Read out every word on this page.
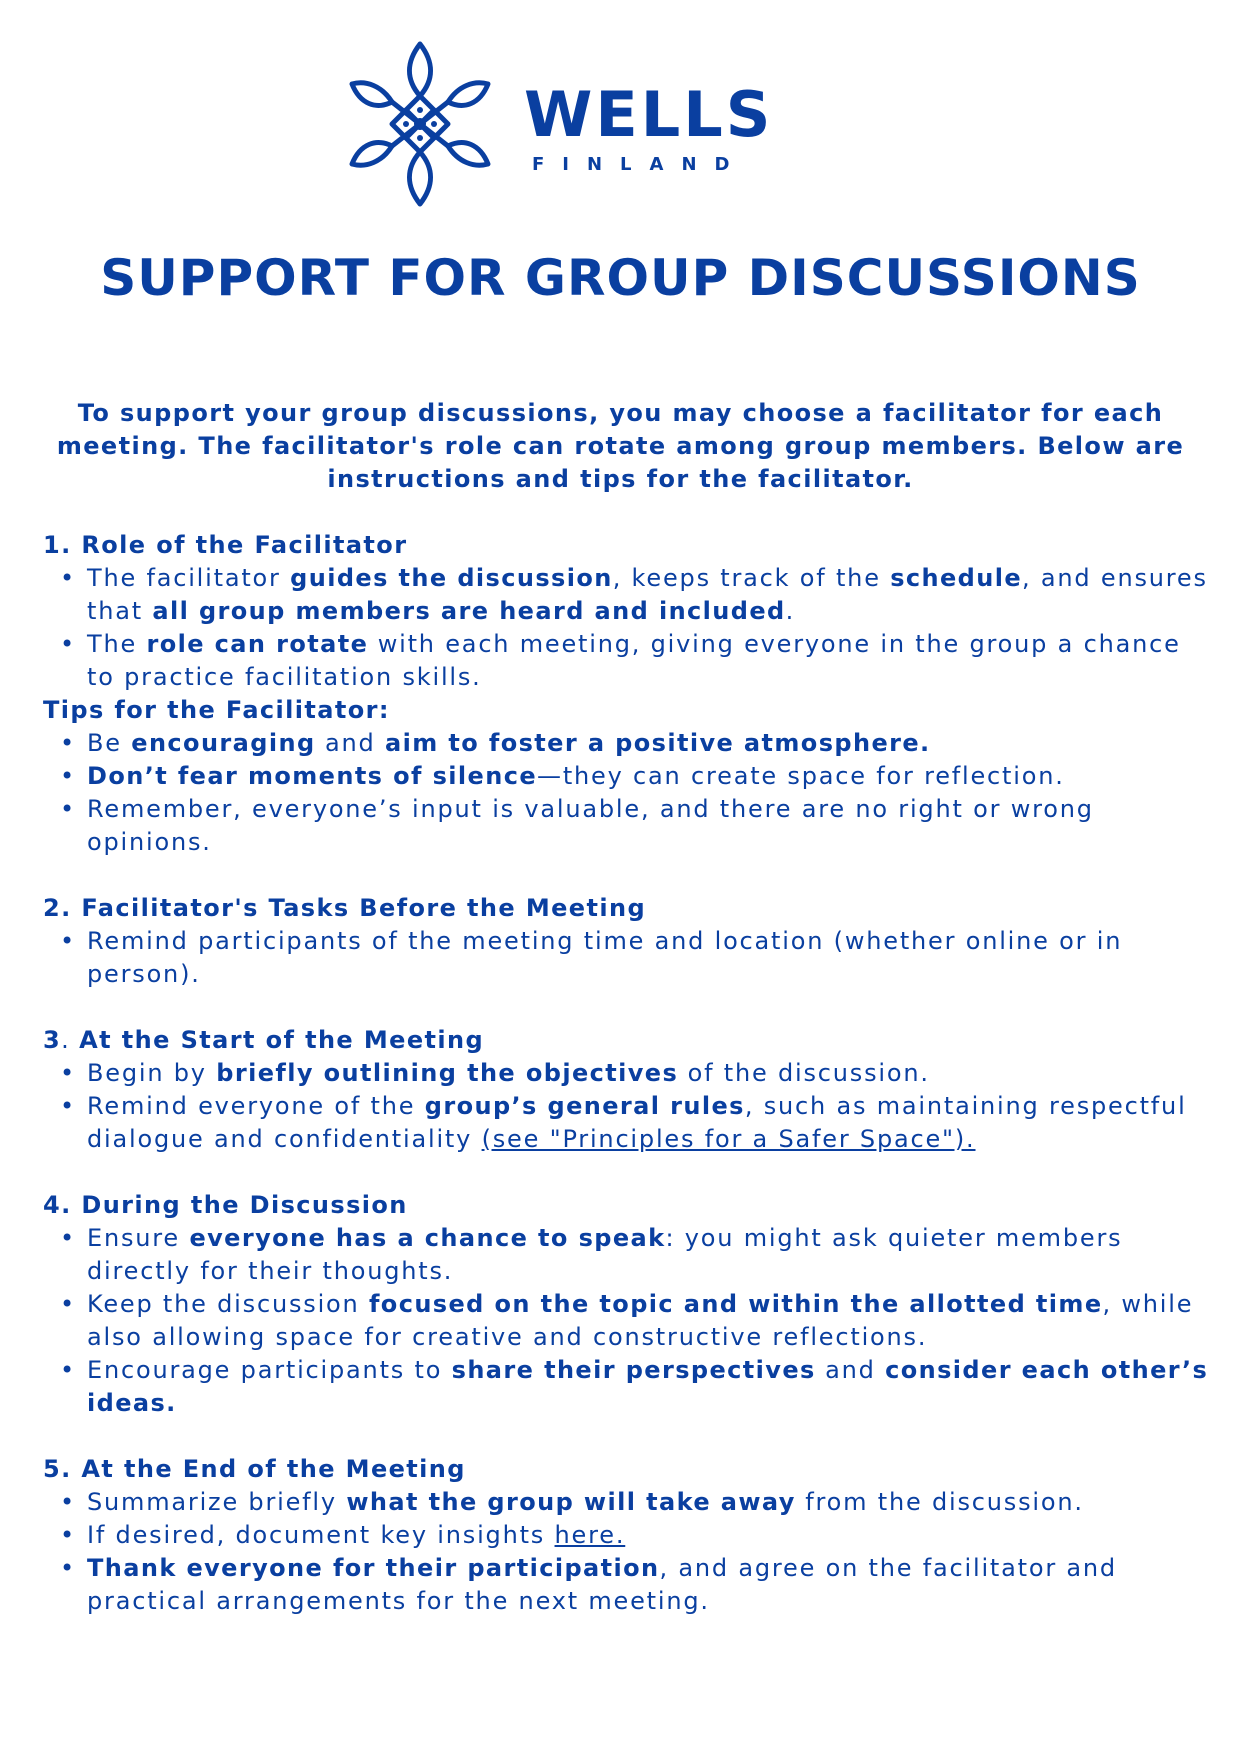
WELLS
FINLAND
SUPPORT FOR GROUP DISCUSSIONS
To support your group discussions, you may choose a facilitator for each meeting. The facilitator's role can rotate among group members. Below are instructions and tips for the facilitator.
1. Role of the Facilitator
• The facilitator guides the discussion, keeps track of the schedule, and ensures that all group members are heard and included.
• The role can rotate with each meeting, giving everyone in the group a chance to practice facilitation skills.
Tips for the Facilitator:
• Be encouraging and aim to foster a positive atmosphere.
• Don’t fear moments of silence—they can create space for reflection.
• Remember, everyone’s input is valuable, and there are no right or wrong opinions.
2. Facilitator's Tasks Before the Meeting
• Remind participants of the meeting time and location (whether online or in person).
3. At the Start of the Meeting
• Begin by briefly outlining the objectives of the discussion.
• Remind everyone of the group’s general rules, such as maintaining respectful dialogue and confidentiality (see "Principles for a Safer Space").
4. During the Discussion
• Ensure everyone has a chance to speak: you might ask quieter members directly for their thoughts.
• Keep the discussion focused on the topic and within the allotted time, while also allowing space for creative and constructive reflections.
• Encourage participants to share their perspectives and consider each other’s ideas.
5. At the End of the Meeting
• Summarize briefly what the group will take away from the discussion.
• If desired, document key insights here.
• Thank everyone for their participation, and agree on the facilitator and practical arrangements for the next meeting.
